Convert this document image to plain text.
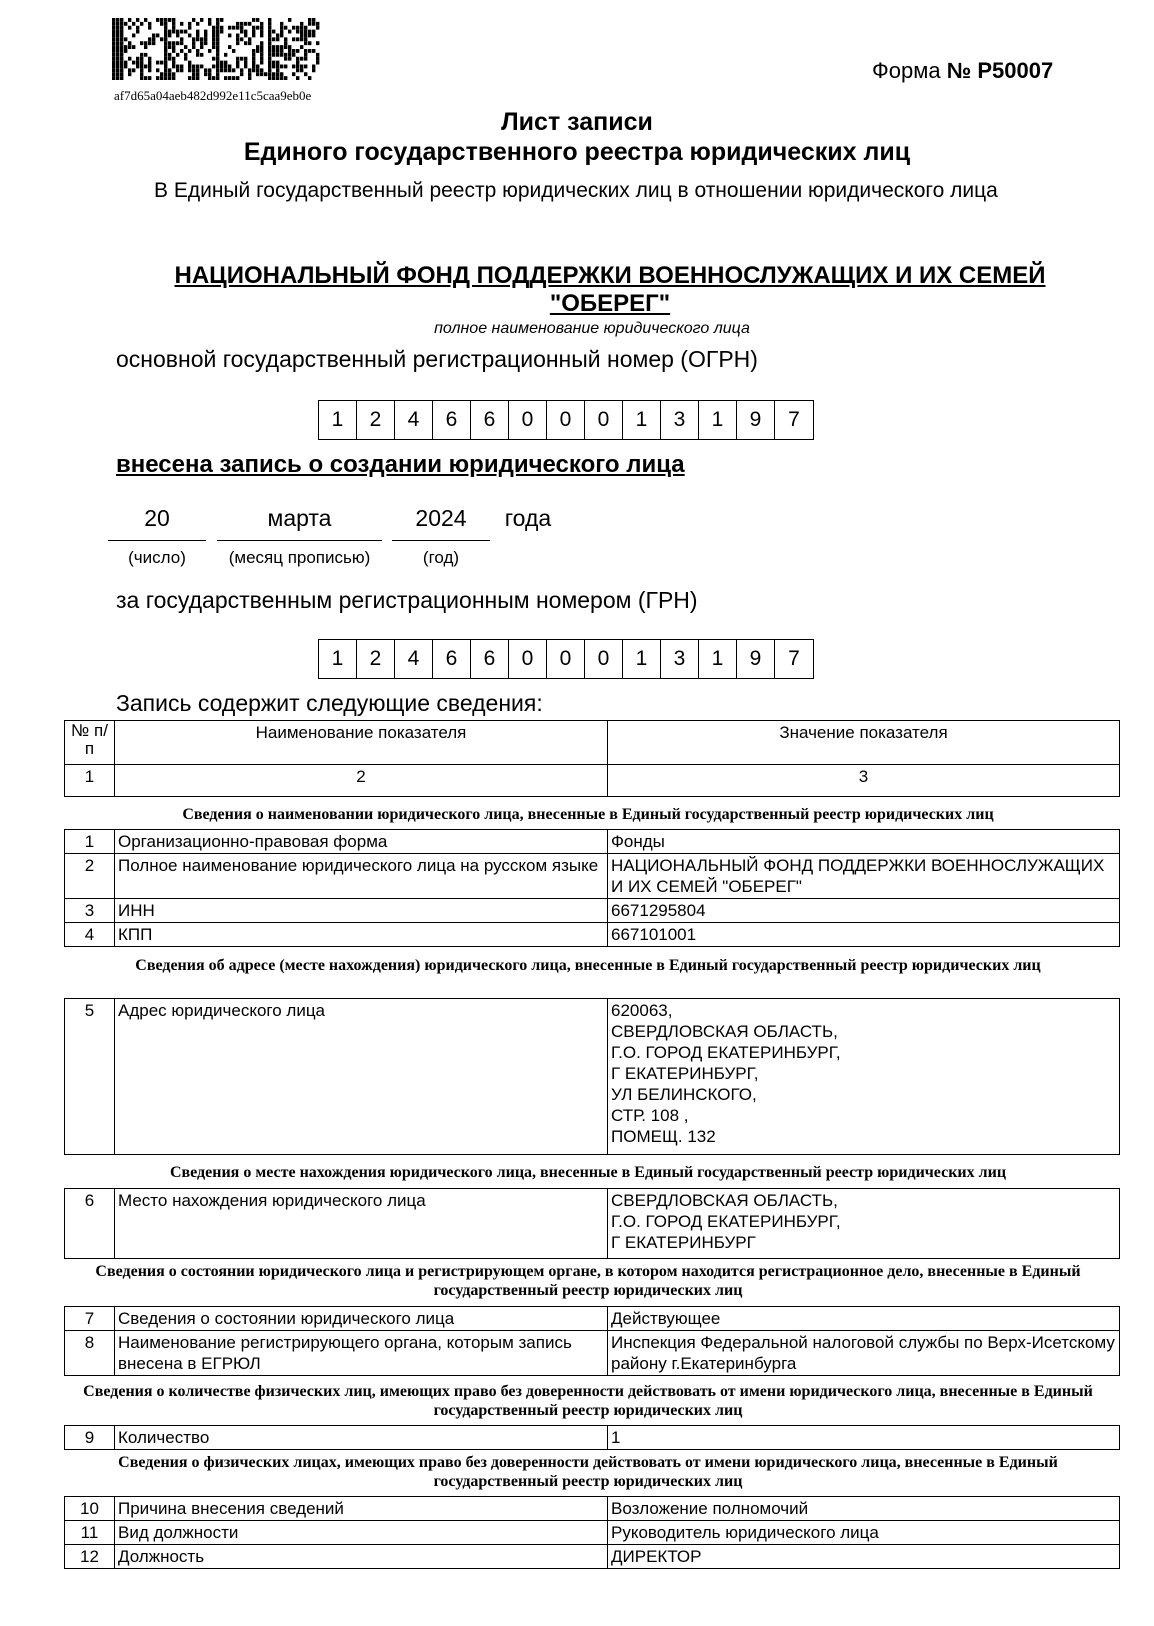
af7d65a04aeb482d992e11c5caa9eb0e
Форма № Р50007
Лист записи
Единого государственного реестра юридических лиц
В Единый государственный реестр юридических лиц в отношении юридического лица
НАЦИОНАЛЬНЫЙ ФОНД ПОДДЕРЖКИ ВОЕННОСЛУЖАЩИХ И ИХ СЕМЕЙ "ОБЕРЕГ"
полное наименование юридического лица
основной государственный регистрационный номер (ОГРН)
1	2	4	6	6	0	0	0	1	3	1	9	7
внесена запись о создании юридического лица
20	марта	2024	года
(число)	(месяц прописью)	(год)
за государственным регистрационным номером (ГРН)
1	2	4	6	6	0	0	0	1	3	1	9	7
Запись содержит следующие сведения:
№ п/п	Наименование показателя	Значение показателя
1	2	3
Сведения о наименовании юридического лица, внесенные в Единый государственный реестр юридических лиц
1	Организационно-правовая форма	Фонды
2	Полное наименование юридического лица на русском языке	НАЦИОНАЛЬНЫЙ ФОНД ПОДДЕРЖКИ ВОЕННОСЛУЖАЩИХ И ИХ СЕМЕЙ "ОБЕРЕГ"
3	ИНН	6671295804
4	КПП	667101001
Сведения об адресе (месте нахождения) юридического лица, внесенные в Единый государственный реестр юридических лиц
5	Адрес юридического лица	620063,
СВЕРДЛОВСКАЯ ОБЛАСТЬ,
Г.О. ГОРОД ЕКАТЕРИНБУРГ,
Г ЕКАТЕРИНБУРГ,
УЛ БЕЛИНСКОГО,
СТР. 108 ,
ПОМЕЩ. 132
Сведения о месте нахождения юридического лица, внесенные в Единый государственный реестр юридических лиц
6	Место нахождения юридического лица	СВЕРДЛОВСКАЯ ОБЛАСТЬ,
Г.О. ГОРОД ЕКАТЕРИНБУРГ,
Г ЕКАТЕРИНБУРГ
Сведения о состоянии юридического лица и регистрирующем органе, в котором находится регистрационное дело, внесенные в Единый государственный реестр юридических лиц
7	Сведения о состоянии юридического лица	Действующее
8	Наименование регистрирующего органа, которым запись внесена в ЕГРЮЛ	Инспекция Федеральной налоговой службы по Верх-Исетскому району г.Екатеринбурга
Сведения о количестве физических лиц, имеющих право без доверенности действовать от имени юридического лица, внесенные в Единый государственный реестр юридических лиц
9	Количество	1
Сведения о физических лицах, имеющих право без доверенности действовать от имени юридического лица, внесенные в Единый государственный реестр юридических лиц
10	Причина внесения сведений	Возложение полномочий
11	Вид должности	Руководитель юридического лица
12	Должность	ДИРЕКТОР
